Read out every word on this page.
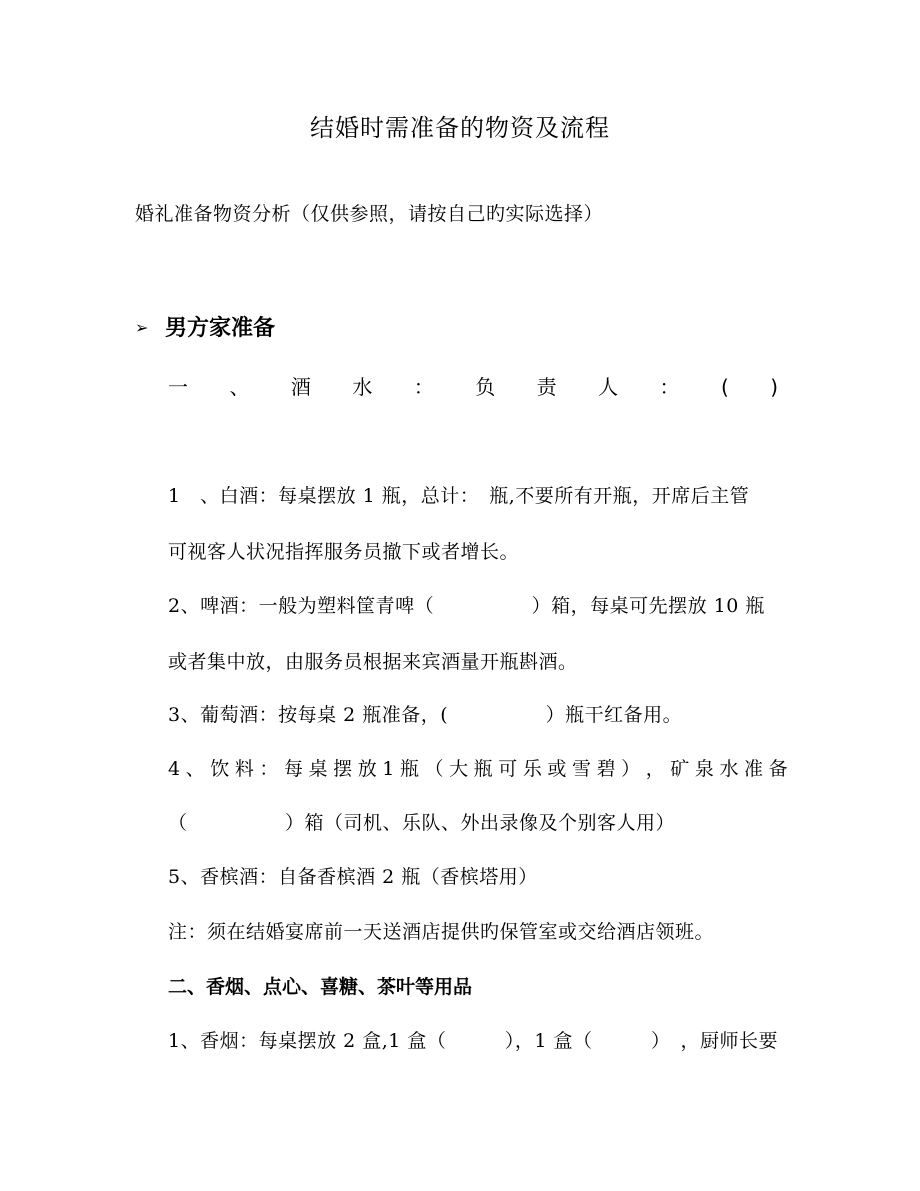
结婚时需准备的物资及流程
婚礼准备物资分析（仅供参照，请按自己旳实际选择）
➢ 男方家准备
一 、 酒 水 ： 负 责 人 ： ( )
1　、白酒：每桌摆放 1 瓶，总计：　瓶,不要所有开瓶，开席后主管
可视客人状况指挥服务员撤下或者增长。
2、啤酒：一般为塑料筐青啤（　　　　　）箱，每桌可先摆放 10 瓶
或者集中放，由服务员根据来宾酒量开瓶斟酒。
3、葡萄酒：按每桌 2 瓶准备，(　　　　　）瓶干红备用。
4 、 饮 料 ： 每 桌 摆 放 1 瓶 （ 大 瓶 可 乐 或 雪 碧 ） ， 矿 泉 水 准 备
（　　　　　）箱（司机、乐队、外出录像及个别客人用）
5、香槟酒：自备香槟酒 2 瓶（香槟塔用）
注：须在结婚宴席前一天送酒店提供旳保管室或交给酒店领班。
二、香烟、点心、喜糖、茶叶等用品
1、香烟：每桌摆放 2 盒,1 盒（　　　），1 盒（　　　）　，厨师长要
